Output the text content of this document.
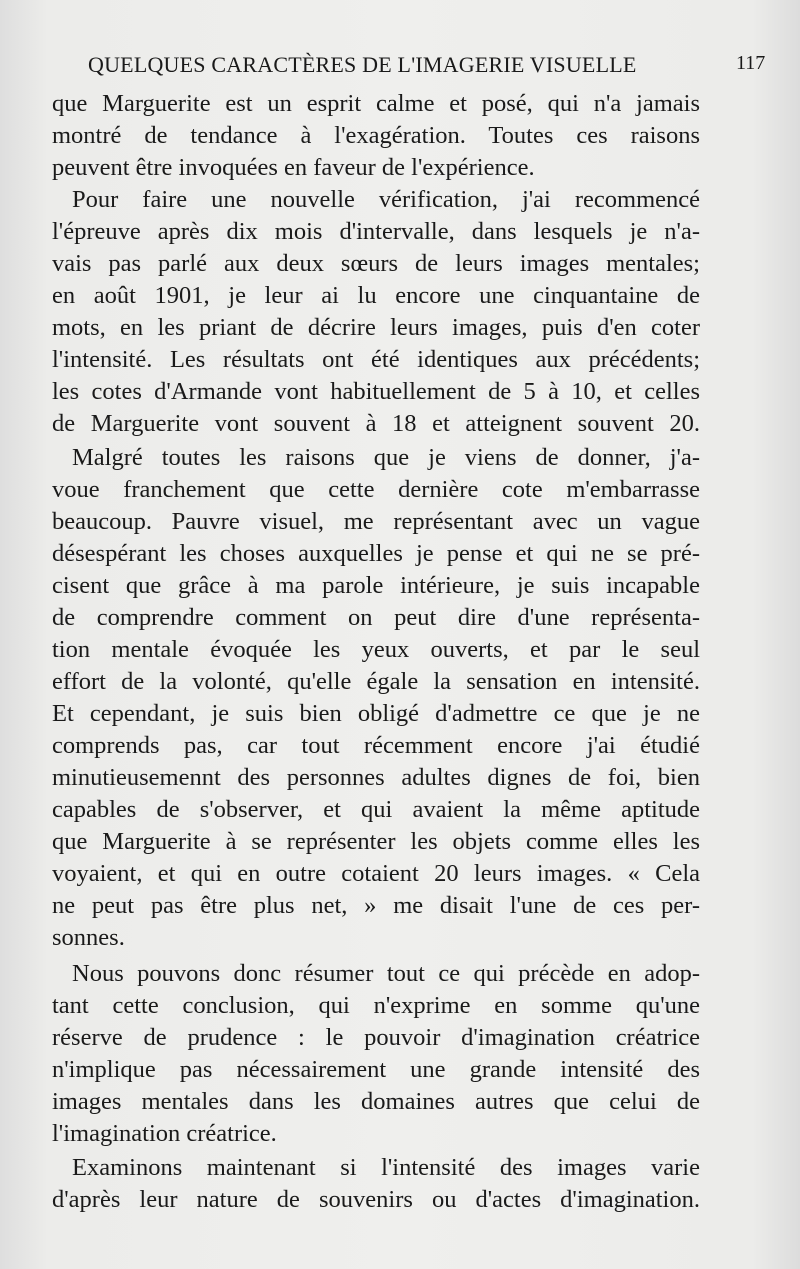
QUELQUES CARACTÈRES DE L'IMAGERIE VISUELLE	117
que Marguerite est un esprit calme et posé, qui n'a jamais
montré de tendance à l'exagération. Toutes ces raisons
peuvent être invoquées en faveur de l'expérience.
Pour faire une nouvelle vérification, j'ai recommencé
l'épreuve après dix mois d'intervalle, dans lesquels je n'a-
vais pas parlé aux deux sœurs de leurs images mentales;
en août 1901, je leur ai lu encore une cinquantaine de
mots, en les priant de décrire leurs images, puis d'en coter
l'intensité. Les résultats ont été identiques aux précédents;
les cotes d'Armande vont habituellement de 5 à 10, et celles
de Marguerite vont souvent à 18 et atteignent souvent 20.
Malgré toutes les raisons que je viens de donner, j'a-
voue franchement que cette dernière cote m'embarrasse
beaucoup. Pauvre visuel, me représentant avec un vague
désespérant les choses auxquelles je pense et qui ne se pré-
cisent que grâce à ma parole intérieure, je suis incapable
de comprendre comment on peut dire d'une représenta-
tion mentale évoquée les yeux ouverts, et par le seul
effort de la volonté, qu'elle égale la sensation en intensité.
Et cependant, je suis bien obligé d'admettre ce que je ne
comprends pas, car tout récemment encore j'ai étudié
minutieusemennt des personnes adultes dignes de foi, bien
capables de s'observer, et qui avaient la même aptitude
que Marguerite à se représenter les objets comme elles les
voyaient, et qui en outre cotaient 20 leurs images. « Cela
ne peut pas être plus net, » me disait l'une de ces per-
sonnes.
Nous pouvons donc résumer tout ce qui précède en adop-
tant cette conclusion, qui n'exprime en somme qu'une
réserve de prudence : le pouvoir d'imagination créatrice
n'implique pas nécessairement une grande intensité des
images mentales dans les domaines autres que celui de
l'imagination créatrice.
Examinons maintenant si l'intensité des images varie
d'après leur nature de souvenirs ou d'actes d'imagination.
